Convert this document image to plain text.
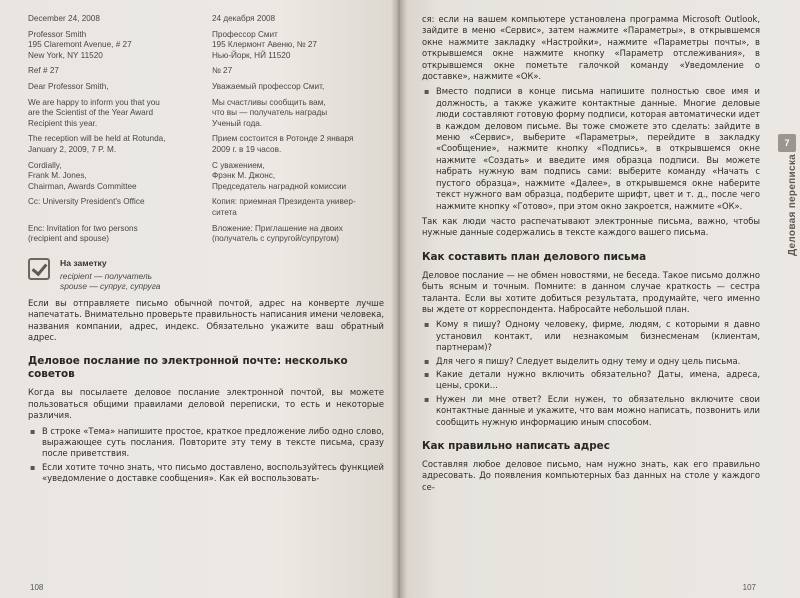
December 24, 2008	24 декабря 2008

Professor Smith
195 Claremont Avenue, # 27
New York, NY 11520	Профессор Смит
195 Клермонт Авеню, № 27
Нью-Йорк, НЙ 11520

Ref # 27	№ 27

Dear Professor Smith,	Уважаемый профессор Смит,

We are happy to inform you that you
are the Scientist of the Year Award
Recipient this year.	Мы счастливы сообщить вам,
что вы — получатель награды
Ученый года.

The reception will be held at Rotunda,
January 2, 2009, 7 P. M.	Прием состоится в Ротонде 2 января
2009 г. в 19 часов.

Cordially,
Frank M. Jones,
Chairman, Awards Committee	С уважением,
Фрэнк М. Джонс,
Председатель наградной комиссии

Cc: University President's Office	Копия: приемная Президента универ-
ситета

Enc: Invitation for two persons
(recipient and spouse)	Вложение: Приглашение на двоих
(получатель с супругой/супругом)
На заметку
recipient — получатель
spouse — супруг, супруга

Если вы отправляете письмо обычной почтой, адрес на конверте лучше напечатать. Внимательно проверьте правильность написания имени человека, названия компании, адрес, индекс. Обязательно укажите ваш обратный адрес.

Деловое послание по электронной почте: несколько советов

Когда вы посылаете деловое послание электронной почтой, вы можете пользоваться общими правилами деловой переписки, то есть и некоторые различия.

▪ В строке «Тема» напишите простое, краткое предложение либо одно слово, выражающее суть послания. Повторите эту тему в тексте письма, сразу после приветствия.
▪ Если хотите точно знать, что письмо доставлено, воспользуйтесь функцией «уведомление о доставке сообщения». Как ей воспользовать-
108

ся: если на вашем компьютере установлена программа Microsoft Outlook, зайдите в меню «Сервис», затем нажмите «Параметры», в открывшемся окне нажмите закладку «Настройки», нажмите «Параметры почты», в открывшемся окне нажмите кнопку «Параметр отслеживания», в открывшемся окне пометьте галочкой команду «Уведомление о доставке», нажмите «ОК».

▪ Вместо подписи в конце письма напишите полностью свое имя и должность, а также укажите контактные данные. Многие деловые люди составляют готовую форму подписи, которая автоматически идет в каждом деловом письме. Вы тоже сможете это сделать: зайдите в меню «Сервис», выберите «Параметры», перейдите в закладку «Сообщение», нажмите кнопку «Подпись», в открывшемся окне нажмите «Создать» и введите имя образца подписи. Вы можете набрать нужную вам подпись сами: выберите команду «Начать с пустого образца», нажмите «Далее», в открывшемся окне наберите текст нужного вам образца, подберите шрифт, цвет и т. д., после чего нажмите кнопку «Готово», при этом окно закроется, нажмите «ОК».

Так как люди часто распечатывают электронные письма, важно, чтобы нужные данные содержались в тексте каждого вашего письма.

Как составить план делового письма

Деловое послание — не обмен новостями, не беседа. Такое письмо должно быть ясным и точным. Помните: в данном случае краткость — сестра таланта. Если вы хотите добиться результата, продумайте, чего именно вы ждете от корреспондента. Набросайте небольшой план.

▪ Кому я пишу? Одному человеку, фирме, людям, с которыми я давно установил контакт, или незнакомым бизнесменам (клиентам, партнерам)?
▪ Для чего я пишу? Следует выделить одну тему и одну цель письма.
▪ Какие детали нужно включить обязательно? Даты, имена, адреса, цены, сроки...
▪ Нужен ли мне ответ? Если нужен, то обязательно включите свои контактные данные и укажите, что вам можно написать, позвонить или сообщить нужную информацию иным способом.
Как правильно написать адрес

Составляя любое деловое письмо, нам нужно знать, как его правильно адресовать. До появления компьютерных баз данных на столе у каждого се-

7
Деловая переписка
107
